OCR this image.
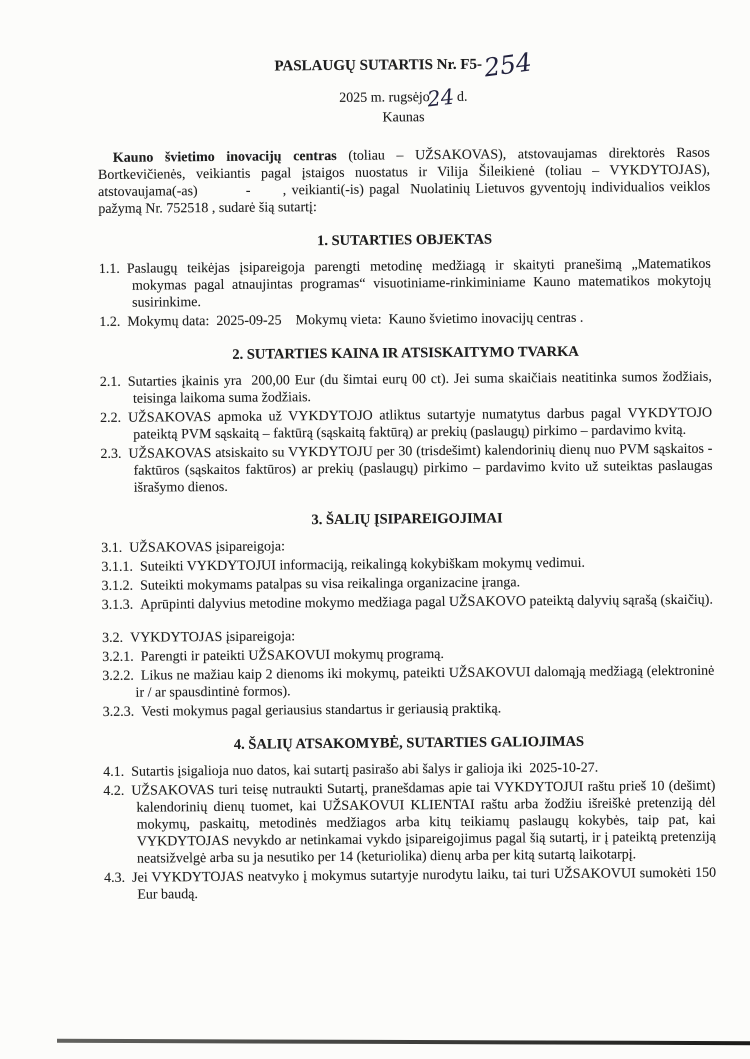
PASLAUGŲ SUTARTIS Nr. F5-254
2025 m. rugsėjo24 d.
Kaunas

Kauno švietimo inovacijų centras (toliau – UŽSAKOVAS), atstovaujamas direktorės Rasos Bortkevičienės, veikiantis pagal įstaigos nuostatus ir Vilija Šileikienė (toliau – VYKDYTOJAS), atstovaujama(-as)         -      , veikianti(-is) pagal  Nuolatinių Lietuvos gyventojų individualios veiklos pažymą Nr. 752518 , sudarė šią sutartį:

1. SUTARTIES OBJEKTAS
1.1. Paslaugų teikėjas įsipareigoja parengti metodinę medžiagą ir skaityti pranešimą „Matematikos mokymas pagal atnaujintas programas“ visuotiniame-rinkiminiame Kauno matematikos mokytojų susirinkime.
1.2. Mokymų data:  2025-09-25    Mokymų vieta:  Kauno švietimo inovacijų centras .
2. SUTARTIES KAINA IR ATSISKAITYMO TVARKA
2.1. Sutarties įkainis yra  200,00 Eur (du šimtai eurų 00 ct). Jei suma skaičiais neatitinka sumos žodžiais, teisinga laikoma suma žodžiais.
2.2. UŽSAKOVAS apmoka už VYKDYTOJO atliktus sutartyje numatytus darbus pagal VYKDYTOJO pateiktą PVM sąskaitą – faktūrą (sąskaitą faktūrą) ar prekių (paslaugų) pirkimo – pardavimo kvitą.
2.3. UŽSAKOVAS atsiskaito su VYKDYTOJU per 30 (trisdešimt) kalendorinių dienų nuo PVM sąskaitos - faktūros (sąskaitos faktūros) ar prekių (paslaugų) pirkimo – pardavimo kvito už suteiktas paslaugas išrašymo dienos.
3. ŠALIŲ ĮSIPAREIGOJIMAI
3.1. UŽSAKOVAS įsipareigoja:
3.1.1. Suteikti VYKDYTOJUI informaciją, reikalingą kokybiškam mokymų vedimui.
3.1.2. Suteikti mokymams patalpas su visa reikalinga organizacine įranga.
3.1.3. Aprūpinti dalyvius metodine mokymo medžiaga pagal UŽSAKOVO pateiktą dalyvių sąrašą (skaičių).
3.2. VYKDYTOJAS įsipareigoja:
3.2.1. Parengti ir pateikti UŽSAKOVUI mokymų programą.
3.2.2. Likus ne mažiau kaip 2 dienoms iki mokymų, pateikti UŽSAKOVUI dalomąją medžiagą (elektroninė ir / ar spausdintinė formos).
3.2.3. Vesti mokymus pagal geriausius standartus ir geriausią praktiką.
4. ŠALIŲ ATSAKOMYBĖ, SUTARTIES GALIOJIMAS
4.1. Sutartis įsigalioja nuo datos, kai sutartį pasirašo abi šalys ir galioja iki  2025-10-27.
4.2. UŽSAKOVAS turi teisę nutraukti Sutartį, pranešdamas apie tai VYKDYTOJUI raštu prieš 10 (dešimt) kalendorinių dienų tuomet, kai UŽSAKOVUI KLIENTAI raštu arba žodžiu išreiškė pretenziją dėl mokymų, paskaitų, metodinės medžiagos arba kitų teikiamų paslaugų kokybės, taip pat, kai VYKDYTOJAS nevykdo ar netinkamai vykdo įsipareigojimus pagal šią sutartį, ir į pateiktą pretenziją neatsižvelgė arba su ja nesutiko per 14 (keturiolika) dienų arba per kitą sutartą laikotarpį.
4.3. Jei VYKDYTOJAS neatvyko į mokymus sutartyje nurodytu laiku, tai turi UŽSAKOVUI sumokėti 150 Eur baudą.
